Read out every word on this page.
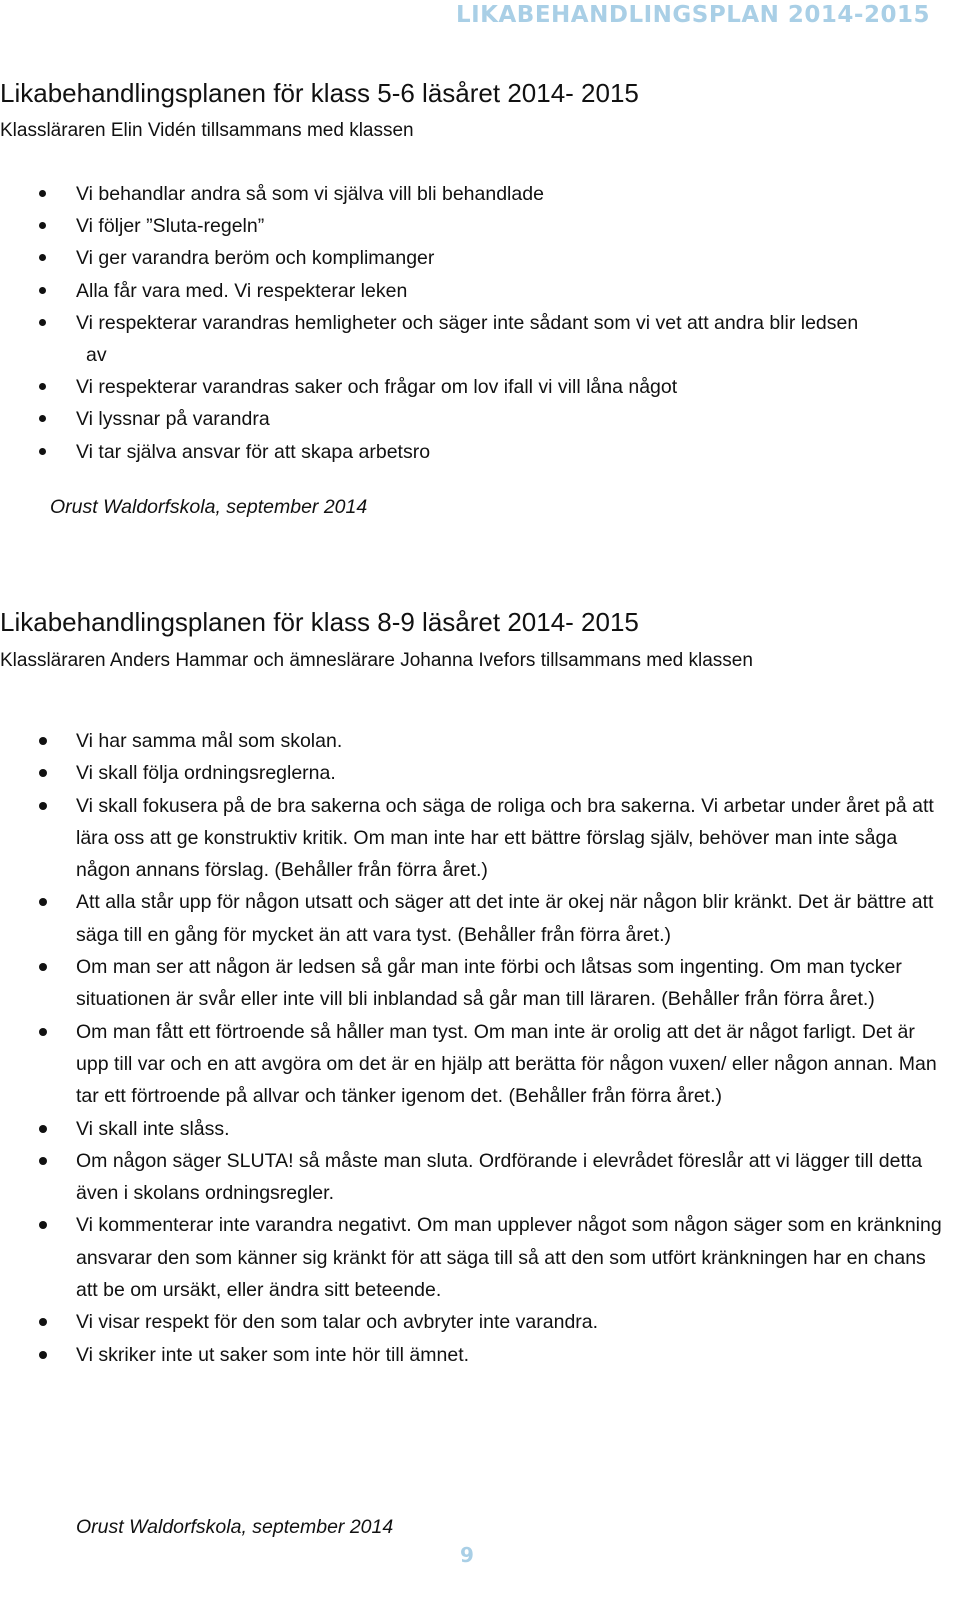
LIKABEHANDLINGSPLAN 2014-2015
Likabehandlingsplanen för klass 5-6 läsåret 2014- 2015
Klassläraren Elin Vidén tillsammans med klassen
Vi behandlar andra så som vi själva vill bli behandlade
Vi följer ”Sluta-regeln”
Vi ger varandra beröm och komplimanger
Alla får vara med. Vi respekterar leken
Vi respekterar varandras hemligheter och säger inte sådant som vi vet att andra blir ledsen
av
Vi respekterar varandras saker och frågar om lov ifall vi vill låna något
Vi lyssnar på varandra
Vi tar själva ansvar för att skapa arbetsro
Orust Waldorfskola, september 2014
Likabehandlingsplanen för klass 8-9 läsåret 2014- 2015
Klassläraren Anders Hammar och ämneslärare Johanna Ivefors tillsammans med klassen
Vi har samma mål som skolan.
Vi skall följa ordningsreglerna.
Vi skall fokusera på de bra sakerna och säga de roliga och bra sakerna. Vi arbetar under året på att lära oss att ge konstruktiv kritik. Om man inte har ett bättre förslag själv, behöver man inte såga någon annans förslag. (Behåller från förra året.)
Att alla står upp för någon utsatt och säger att det inte är okej när någon blir kränkt. Det är bättre att säga till en gång för mycket än att vara tyst. (Behåller från förra året.)
Om man ser att någon är ledsen så går man inte förbi och låtsas som ingenting. Om man tycker situationen är svår eller inte vill bli inblandad så går man till läraren. (Behåller från förra året.)
Om man fått ett förtroende så håller man tyst. Om man inte är orolig att det är något farligt. Det är upp till var och en att avgöra om det är en hjälp att berätta för någon vuxen/ eller någon annan. Man tar ett förtroende på allvar och tänker igenom det. (Behåller från förra året.)
Vi skall inte slåss.
Om någon säger SLUTA! så måste man sluta. Ordförande i elevrådet föreslår att vi lägger till detta även i skolans ordningsregler.
Vi kommenterar inte varandra negativt. Om man upplever något som någon säger som en kränkning ansvarar den som känner sig kränkt för att säga till så att den som utfört kränkningen har en chans att be om ursäkt, eller ändra sitt beteende.
Vi visar respekt för den som talar och avbryter inte varandra.
Vi skriker inte ut saker som inte hör till ämnet.
Orust Waldorfskola, september 2014
9
